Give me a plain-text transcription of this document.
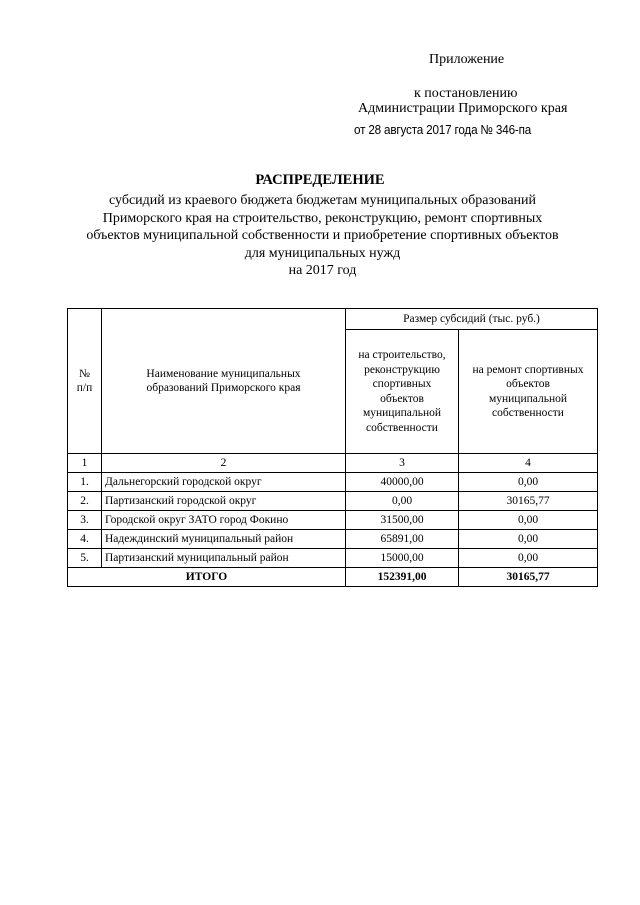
Приложение
к постановлению
Администрации Приморского края
от 28 августа 2017 года № 346-па
РАСПРЕДЕЛЕНИЕ
субсидий из краевого бюджета бюджетам муниципальных образований
Приморского края на строительство, реконструкцию, ремонт спортивных
объектов муниципальной собственности и приобретение спортивных объектов
для муниципальных нужд
на 2017 год
№ п/п	Наименование муниципальных образований Приморского края	Размер субсидий (тыс. руб.)	
		на строительство, реконструкцию спортивных объектов муниципальной собственности	на ремонт спортивных объектов муниципальной собственности
1	2	3	4
1.	Дальнегорский городской округ	40000,00	0,00
2.	Партизанский городской округ	0,00	30165,77
3.	Городской округ ЗАТО город Фокино	31500,00	0,00
4.	Надеждинский муниципальный район	65891,00	0,00
5.	Партизанский муниципальный район	15000,00	0,00
ИТОГО		152391,00	30165,77
